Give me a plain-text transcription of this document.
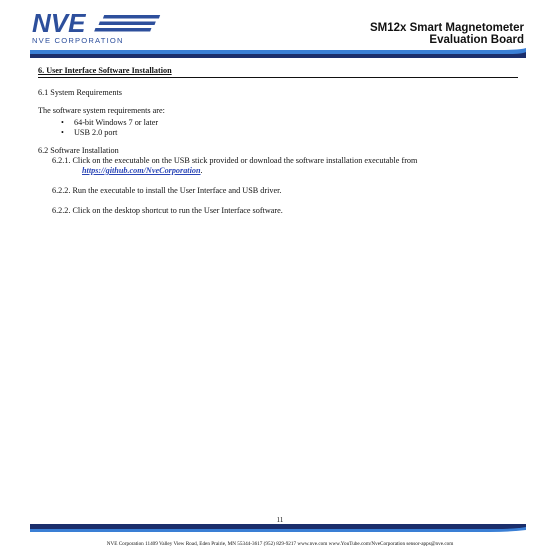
NVE
NVE CORPORATION
SM12x Smart Magnetometer
Evaluation Board
6. User Interface Software Installation

6.1 System Requirements

The software system requirements are:

• 64-bit Windows 7 or later
• USB 2.0 port

6.2 Software Installation

6.2.1. Click on the executable on the USB stick provided or download the software installation executable from https://github.com/NveCorporation.

6.2.2. Run the executable to install the User Interface and USB driver.

6.2.2. Click on the desktop shortcut to run the User Interface software.

11
NVE Corporation 11409 Valley View Road, Eden Prairie, MN 55344-3617 (952) 829-9217 www.nve.com www.YouTube.com/NveCorporation sensor-apps@nve.com
